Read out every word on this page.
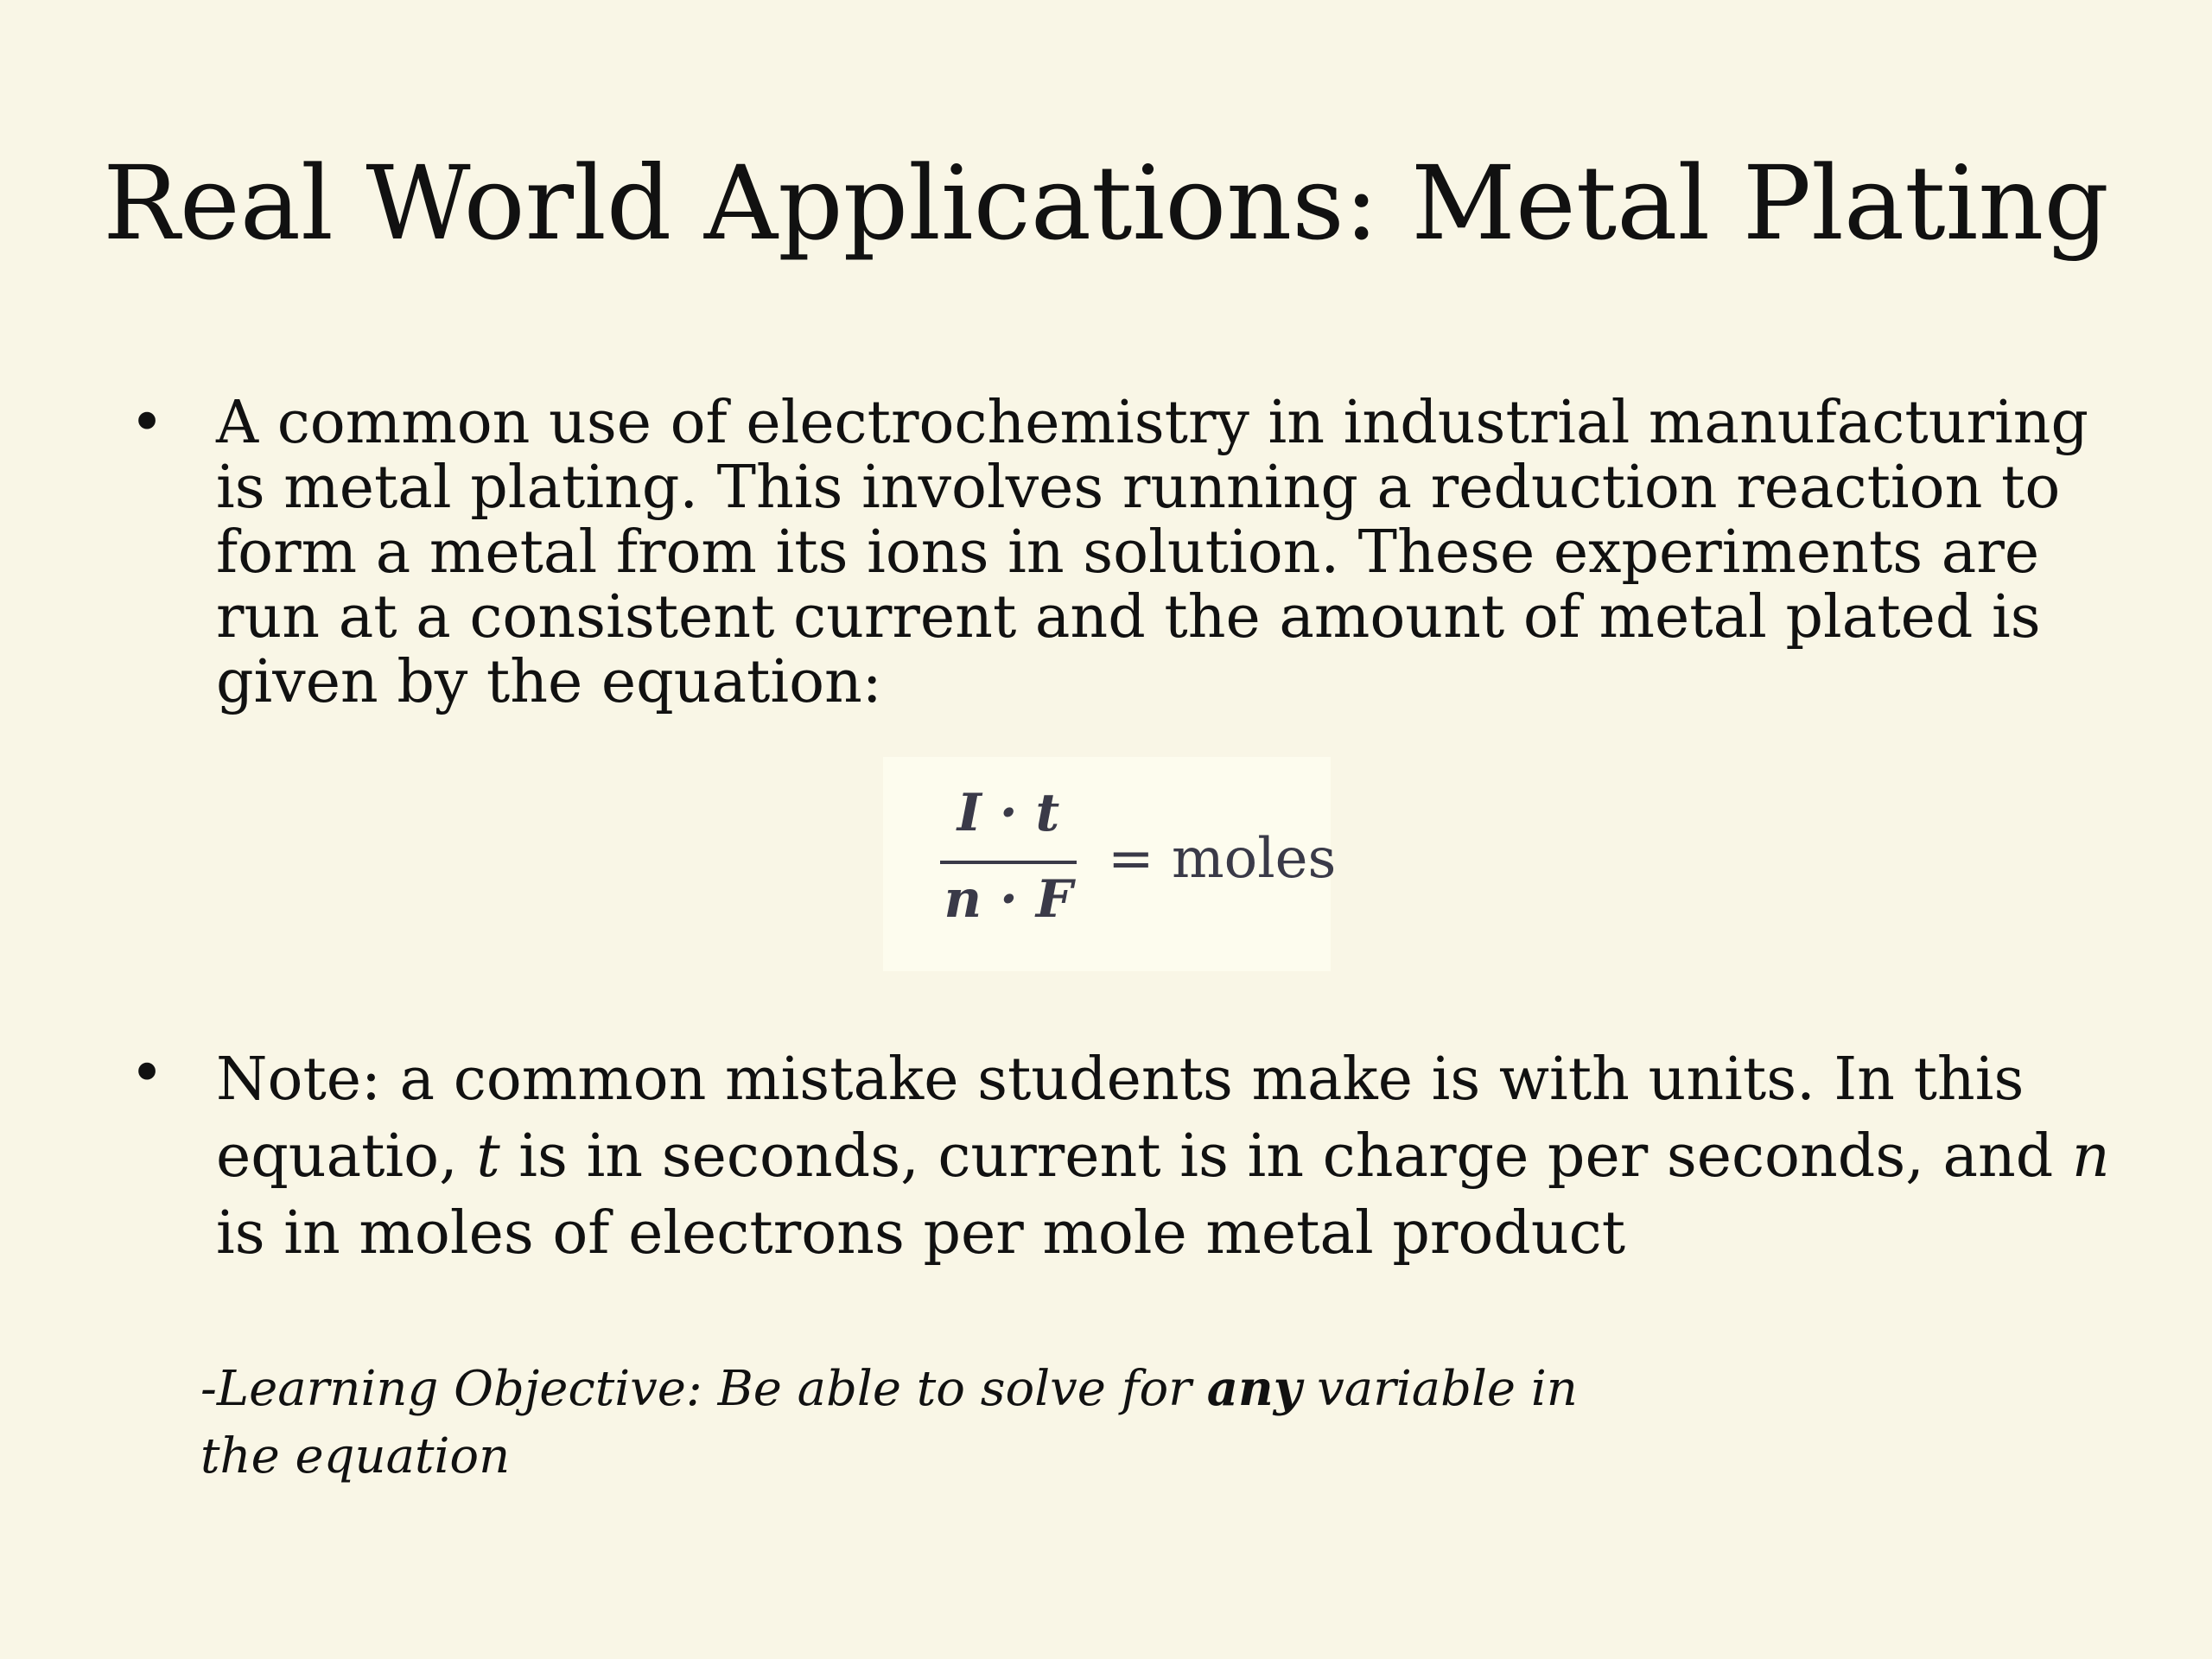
Real World Applications: Metal Plating
• A common use of electrochemistry in industrial manufacturing is metal plating. This involves running a reduction reaction to form a metal from its ions in solution. These experiments are run at a consistent current and the amount of metal plated is given by the equation:
I · t
n · F
= moles
• Note: a common mistake students make is with units. In this equatio, t is in seconds, current is in charge per seconds, and n is in moles of electrons per mole metal product
-Learning Objective: Be able to solve for any variable in the equation
